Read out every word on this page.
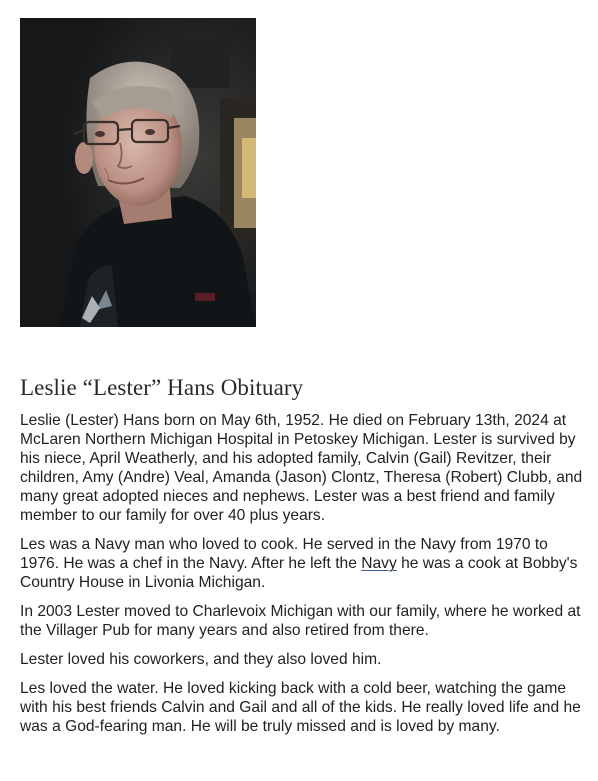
Leslie “Lester” Hans Obituary

Leslie (Lester) Hans born on May 6th, 1952. He died on February 13th, 2024 at McLaren Northern Michigan Hospital in Petoskey Michigan. Lester is survived by his niece, April Weatherly, and his adopted family, Calvin (Gail) Revitzer, their children, Amy (Andre) Veal, Amanda (Jason) Clontz, Theresa (Robert) Clubb, and many great adopted nieces and nephews. Lester was a best friend and family member to our family for over 40 plus years.

Les was a Navy man who loved to cook. He served in the Navy from 1970 to 1976. He was a chef in the Navy. After he left the Navy he was a cook at Bobby's Country House in Livonia Michigan.

In 2003 Lester moved to Charlevoix Michigan with our family, where he worked at the Villager Pub for many years and also retired from there.

Lester loved his coworkers, and they also loved him.

Les loved the water. He loved kicking back with a cold beer, watching the game with his best friends Calvin and Gail and all of the kids. He really loved life and he was a God-fearing man. He will be truly missed and is loved by many.
